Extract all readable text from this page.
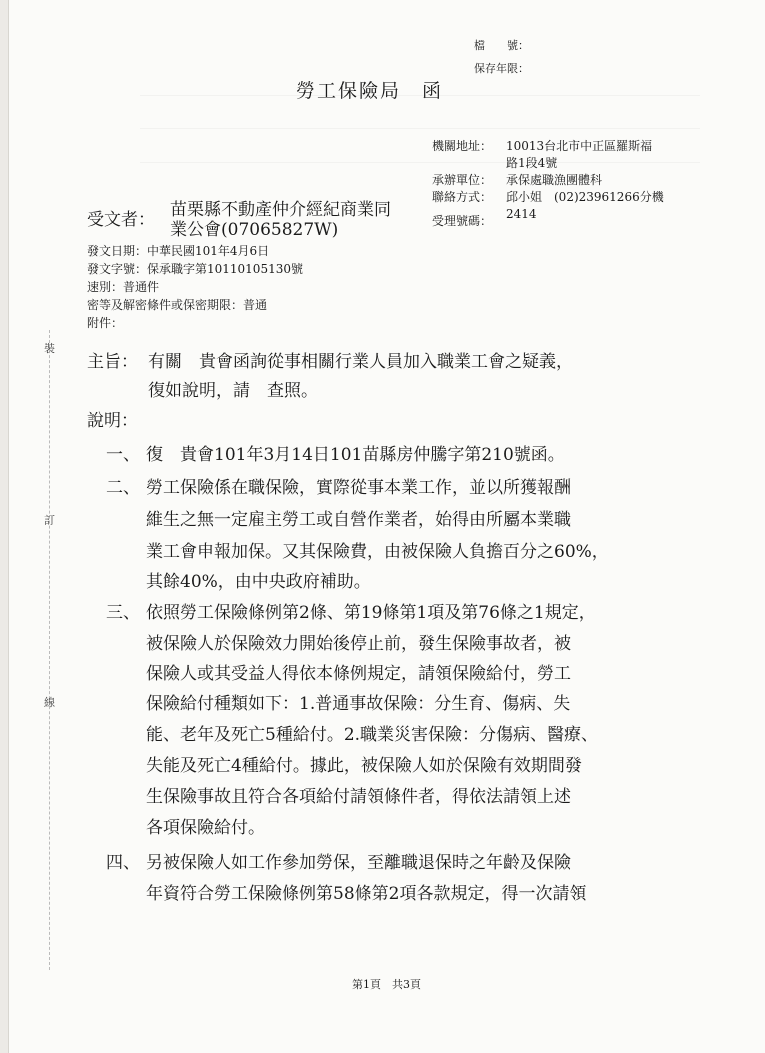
檔　　號：
保存年限：
勞工保險局　函
機關地址： 10013台北市中正區羅斯福
路1段4號
承辦單位： 承保處職漁團體科
聯絡方式： 邱小姐　(02)23961266分機
2414
受文者： 苗栗縣不動產仲介經紀商業同
業公會(07065827W)	受理號碼：
發文日期：中華民國101年4月6日
發文字號：保承職字第10110105130號
速別：普通件
密等及解密條件或保密期限：普通
附件：
裝
訂
線
主旨： 有關　貴會函詢從事相關行業人員加入職業工會之疑義，
復如說明，請　查照。
說明：
一、 復　貴會101年3月14日101苗縣房仲騰字第210號函。
二、 勞工保險係在職保險，實際從事本業工作，並以所獲報酬
維生之無一定雇主勞工或自營作業者，始得由所屬本業職
業工會申報加保。又其保險費，由被保險人負擔百分之60%，
其餘40%，由中央政府補助。
三、 依照勞工保險條例第2條、第19條第1項及第76條之1規定，
被保險人於保險效力開始後停止前，發生保險事故者，被
保險人或其受益人得依本條例規定，請領保險給付，勞工
保險給付種類如下：1.普通事故保險：分生育、傷病、失
能、老年及死亡5種給付。2.職業災害保險：分傷病、醫療、
失能及死亡4種給付。據此，被保險人如於保險有效期間發
生保險事故且符合各項給付請領條件者，得依法請領上述
各項保險給付。
四、 另被保險人如工作參加勞保，至離職退保時之年齡及保險
年資符合勞工保險條例第58條第2項各款規定，得一次請領
第1頁　共3頁
